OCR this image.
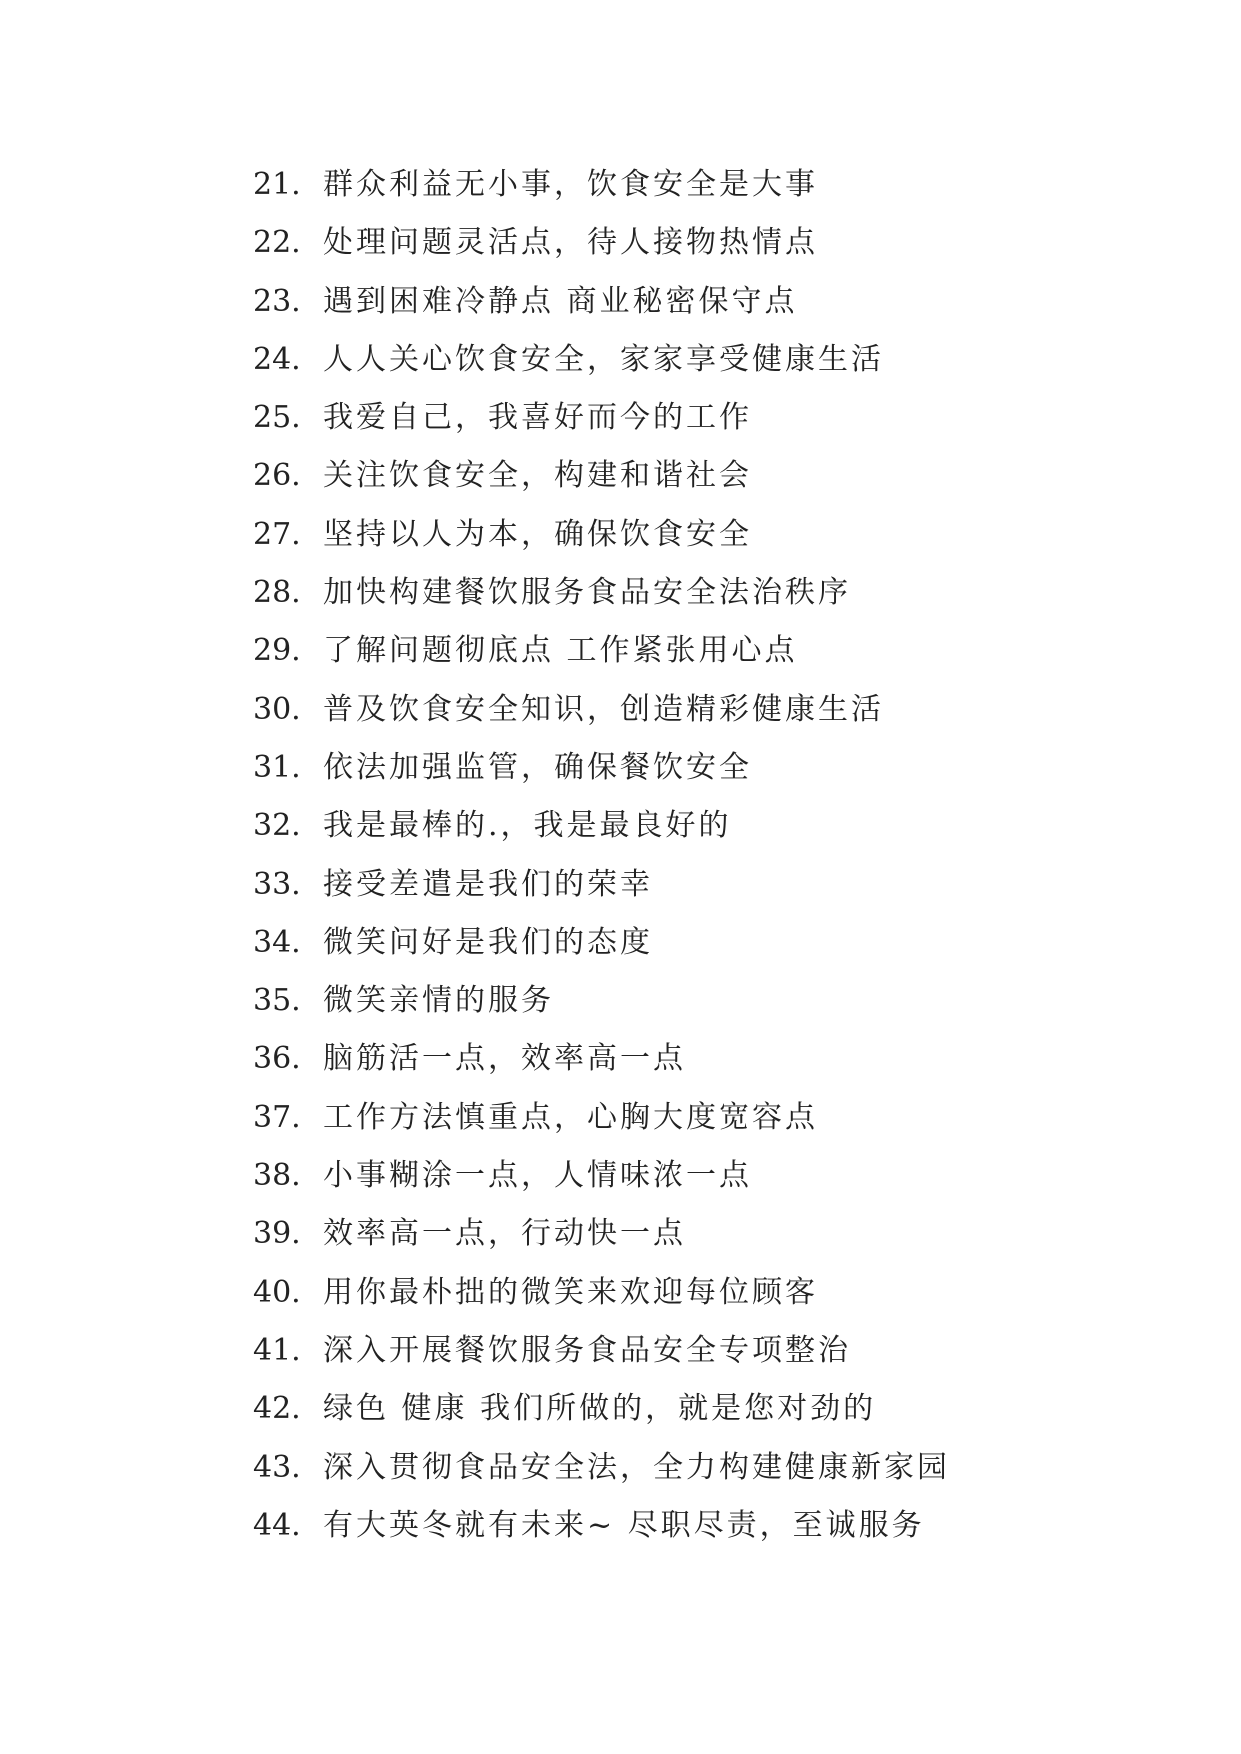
21. 群众利益无小事，饮食安全是大事
22. 处理问题灵活点，待人接物热情点
23. 遇到困难冷静点 商业秘密保守点
24. 人人关心饮食安全，家家享受健康生活
25. 我爱自己，我喜好而今的工作
26. 关注饮食安全，构建和谐社会
27. 坚持以人为本，确保饮食安全
28. 加快构建餐饮服务食品安全法治秩序
29. 了解问题彻底点 工作紧张用心点
30. 普及饮食安全知识，创造精彩健康生活
31. 依法加强监管，确保餐饮安全
32. 我是最棒的.，我是最良好的
33. 接受差遣是我们的荣幸
34. 微笑问好是我们的态度
35. 微笑亲情的服务
36. 脑筋活一点，效率高一点
37. 工作方法慎重点，心胸大度宽容点
38. 小事糊涂一点，人情味浓一点
39. 效率高一点，行动快一点
40. 用你最朴拙的微笑来欢迎每位顾客
41. 深入开展餐饮服务食品安全专项整治
42. 绿色 健康 我们所做的，就是您对劲的
43. 深入贯彻食品安全法，全力构建健康新家园
44. 有大英冬就有未来~ 尽职尽责，至诚服务
